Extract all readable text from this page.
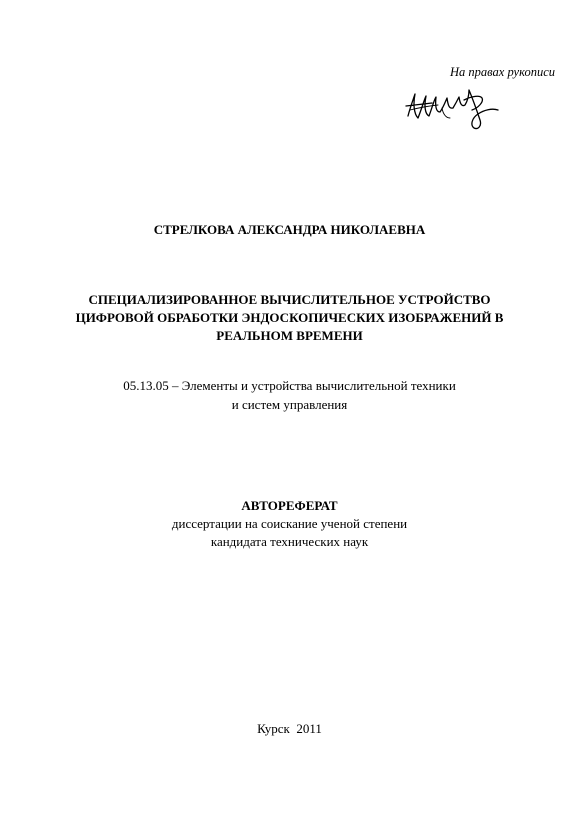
На правах рукописи
СТРЕЛКОВА АЛЕКСАНДРА НИКОЛАЕВНА
СПЕЦИАЛИЗИРОВАННОЕ ВЫЧИСЛИТЕЛЬНОЕ УСТРОЙСТВО
ЦИФРОВОЙ ОБРАБОТКИ ЭНДОСКОПИЧЕСКИХ ИЗОБРАЖЕНИЙ В
РЕАЛЬНОМ ВРЕМЕНИ
05.13.05 – Элементы и устройства вычислительной техники
и систем управления
АВТОРЕФЕРАТ
диссертации на соискание ученой степени
кандидата технических наук
Курск  2011
